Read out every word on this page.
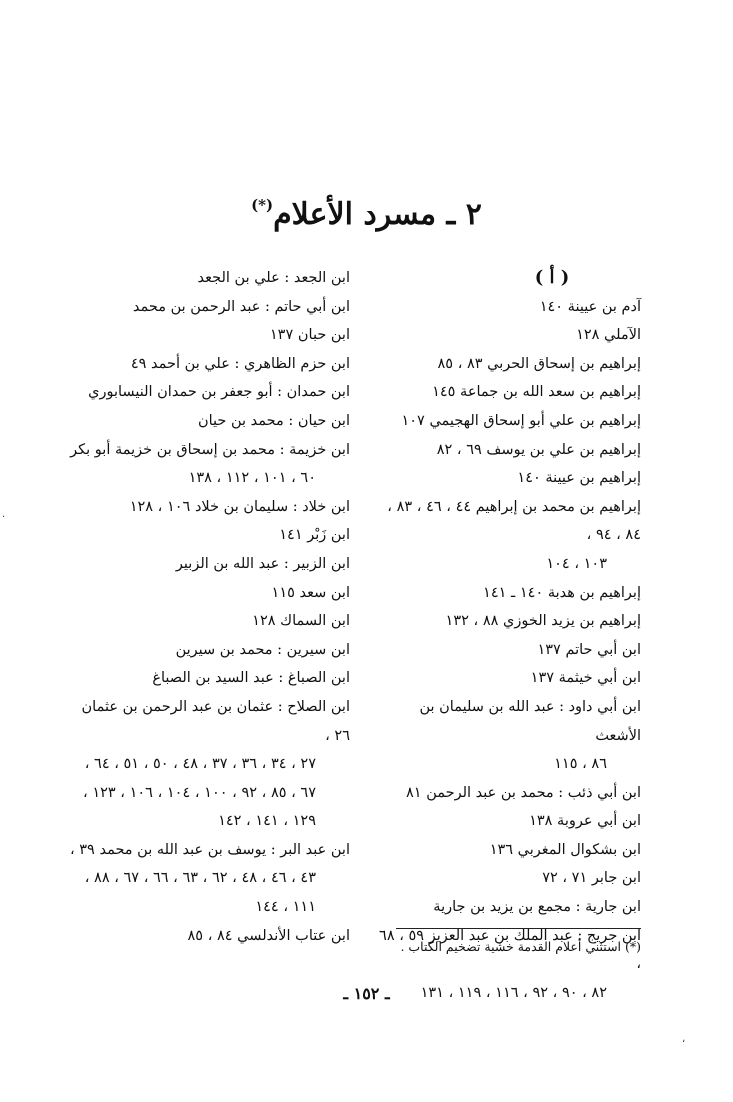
٢ ـ مسرد الأعلام(*)

( أ )

آدم بن عيينة ١٤٠

الآملي ١٢٨

إبراهيم بن إسحاق الحربي ٨٣ ، ٨٥

إبراهيم بن سعد الله بن جماعة ١٤٥

إبراهيم بن علي أبو إسحاق الهجيمي ١٠٧

إبراهيم بن علي بن يوسف ٦٩ ، ٨٢

إبراهيم بن عيينة ١٤٠

إبراهيم بن محمد بن إبراهيم ٤٤ ، ٤٦ ، ٨٣ ، ٨٤ ، ٩٤ ،
١٠٣ ، ١٠٤

إبراهيم بن هدبة ١٤٠ ـ ١٤١

إبراهيم بن يزيد الخوزي ٨٨ ، ١٣٢

ابن أبي حاتم ١٣٧

ابن أبي خيثمة ١٣٧

ابن أبي داود : عبد الله بن سليمان بن الأشعث
٨٦ ، ١١٥

ابن أبي ذئب : محمد بن عبد الرحمن ٨١

ابن أبي عروبة ١٣٨

ابن بشكوال المغربي ١٣٦

ابن جابر ٧١ ، ٧٢

ابن جارية : مجمع بن يزيد بن جارية

ابن جريج : عبد الملك بن عبد العزيز ٥٩ ، ٦٨ ،
٨٢ ، ٩٠ ، ٩٢ ، ١١٦ ، ١١٩ ، ١٣١

ابن الجعد : علي بن الجعد

ابن أبي حاتم : عبد الرحمن بن محمد

ابن حبان ١٣٧

ابن حزم الظاهري : علي بن أحمد ٤٩

ابن حمدان : أبو جعفر بن حمدان النيسابوري

ابن حيان : محمد بن حيان

ابن خزيمة : محمد بن إسحاق بن خزيمة أبو بكر
٦٠ ، ١٠١ ، ١١٢ ، ١٣٨

ابن خلاد : سليمان بن خلاد ١٠٦ ، ١٢٨

ابن زَبْر ١٤١

ابن الزبير : عبد الله بن الزبير

ابن سعد ١١٥

ابن السماك ١٢٨

ابن سيرين : محمد بن سيرين

ابن الصباغ : عبد السيد بن الصباغ

ابن الصلاح : عثمان بن عبد الرحمن بن عثمان ٢٦ ،
٢٧ ، ٣٤ ، ٣٦ ، ٣٧ ، ٤٨ ، ٥٠ ، ٥١ ، ٦٤ ،
٦٧ ، ٨٥ ، ٩٢ ، ١٠٠ ، ١٠٤ ، ١٠٦ ، ١٢٣ ،
١٢٩ ، ١٤١ ، ١٤٢

ابن عبد البر : يوسف بن عبد الله بن محمد ٣٩ ،
٤٣ ، ٤٦ ، ٤٨ ، ٦٢ ، ٦٣ ، ٦٦ ، ٦٧ ، ٨٨ ،
١١١ ، ١٤٤

ابن عتاب الأندلسي ٨٤ ، ٨٥

(*) استثني أعلام القدمة خشية تضخيم الكتاب .

ـ ١٥٢ ـ

·
،
